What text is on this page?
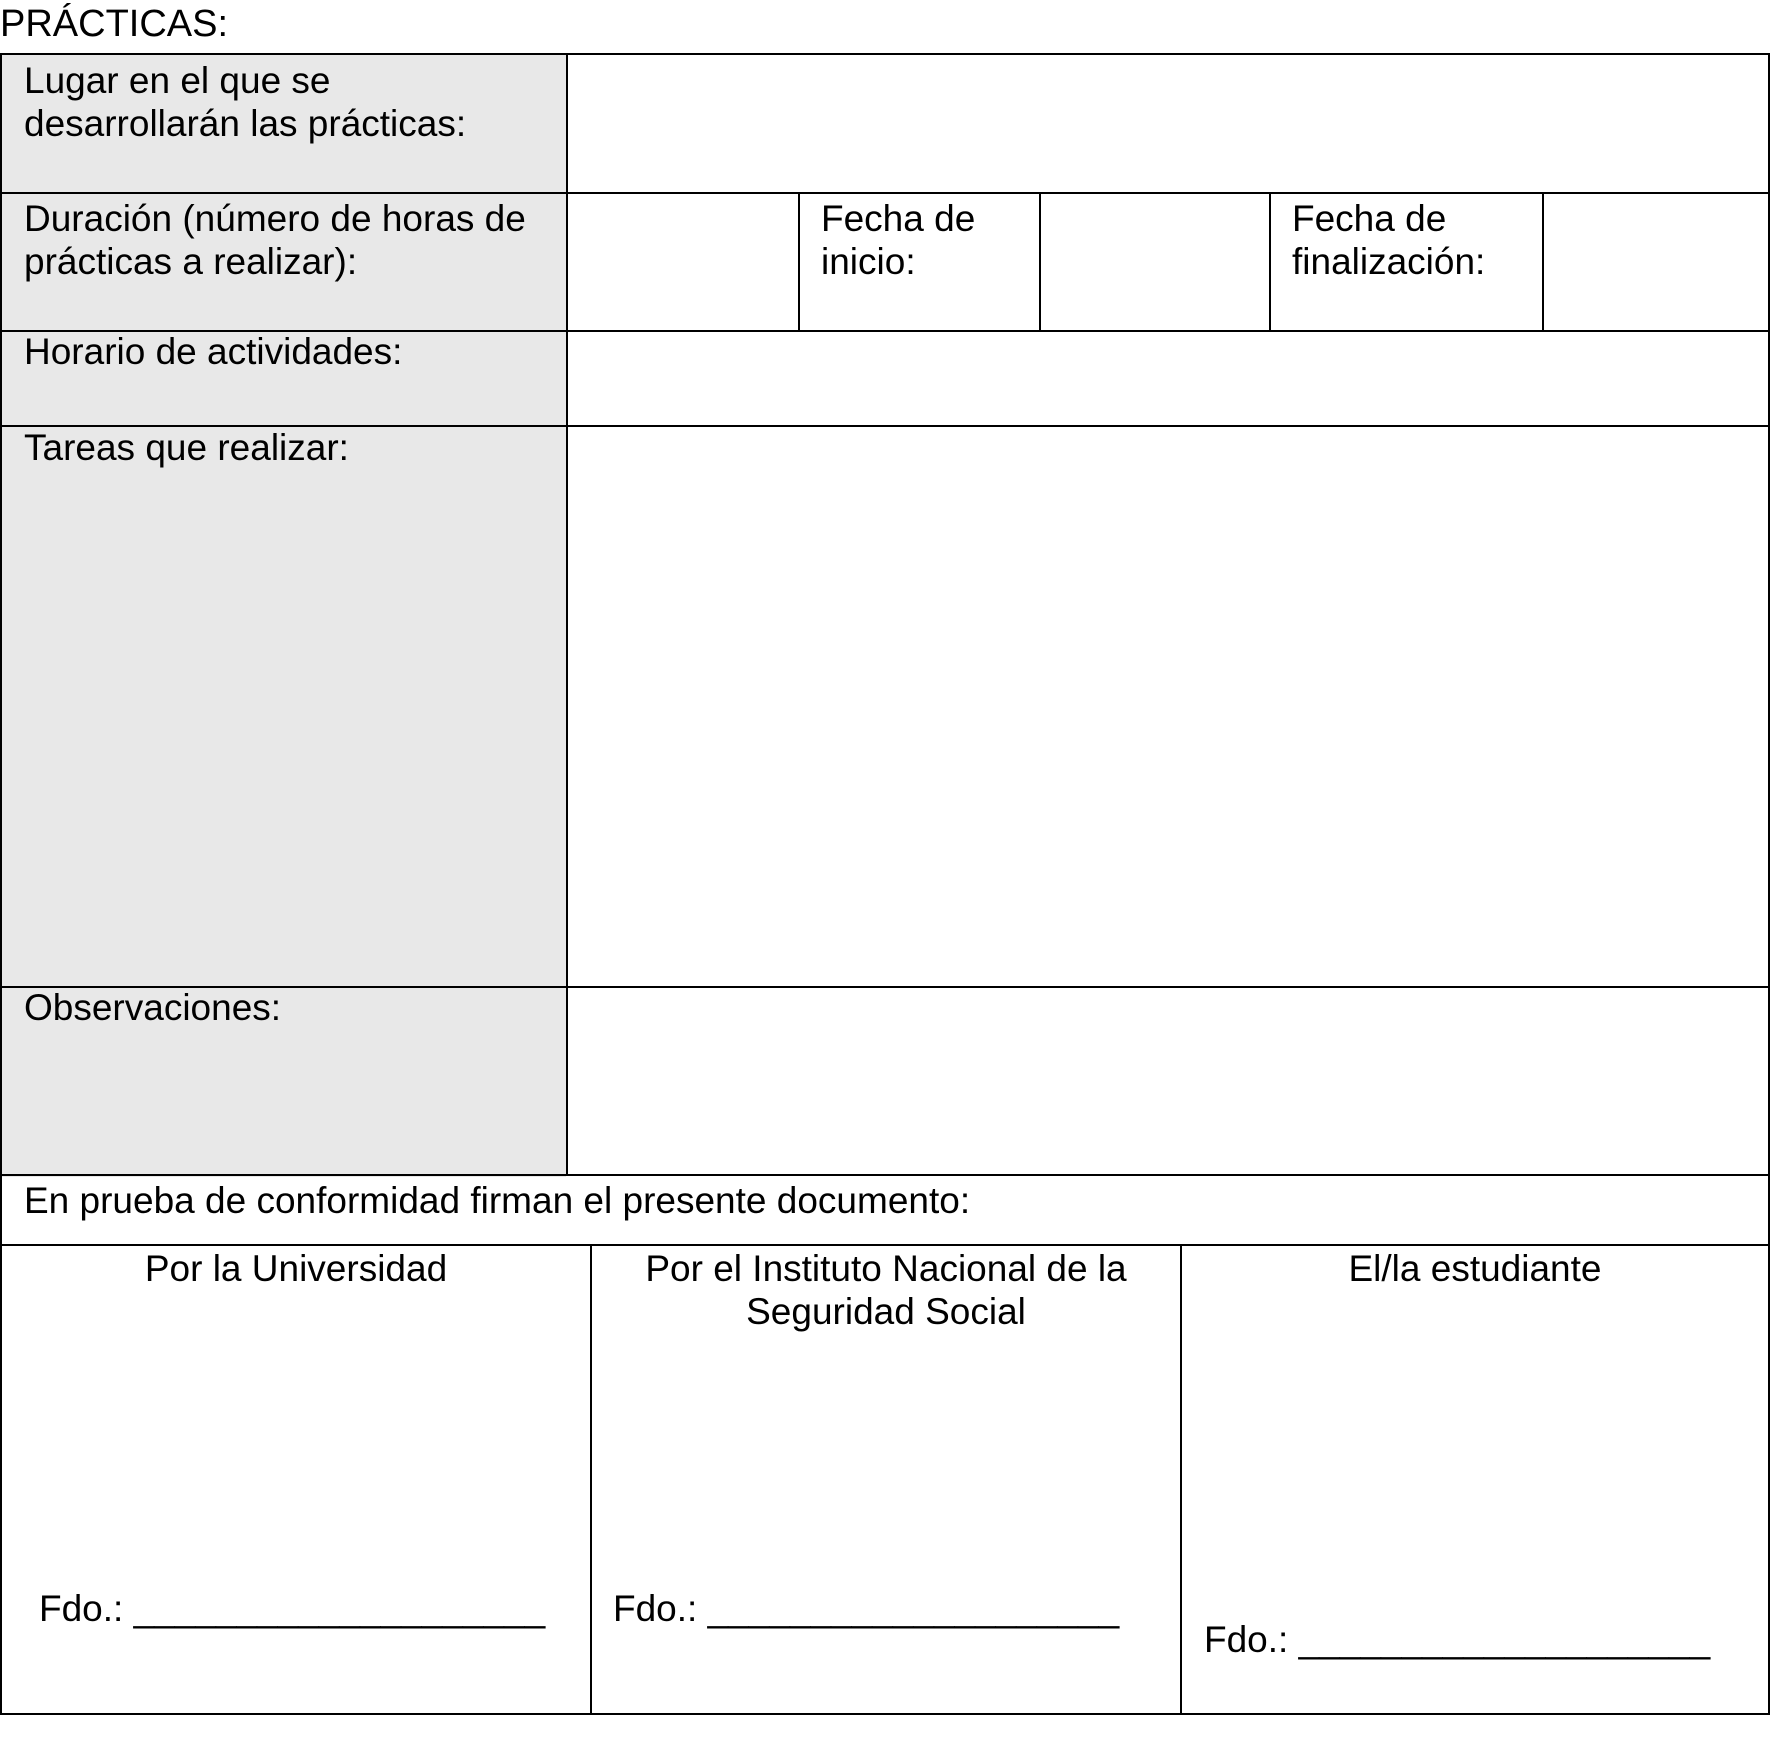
PRÁCTICAS:
Lugar en el que se
desarrollarán las prácticas:
Duración (número de horas de
prácticas a realizar):
Fecha de
inicio:
Fecha de
finalización:
Horario de actividades:
Tareas que realizar:
Observaciones:
En prueba de conformidad firman el presente documento:
Por la Universidad	Por el Instituto Nacional de la
Seguridad Social
El/la estudiante
Fdo.: ____________________ Fdo.: ____________________
Fdo.: ____________________
